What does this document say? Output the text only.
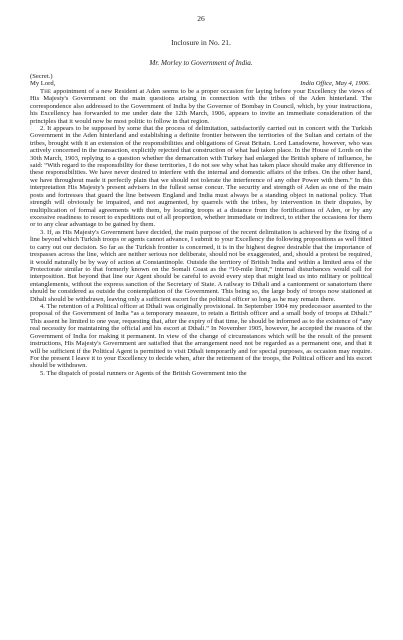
26
Inclosure in No. 21.
Mr. Morley to Government of India.
(Secret.)
My Lord,	India Office, May 4, 1906.

The appointment of a new Resident at Aden seems to be a proper occasion for laying before your Excellency the views of His Majesty's Government on the main questions arising in connection with the tribes of the Aden hinterland. The correspondence also addressed to the Government of India by the Governor of Bombay in Council, which, by your instructions, his Excellency has forwarded to me under date the 12th March, 1906, appears to invite an immediate consideration of the principles that it would now be most politic to follow in that region.

2. It appears to be supposed by some that the process of delimitation, satisfactorily carried out in concert with the Turkish Government in the Aden hinterland and establishing a definite frontier between the territories of the Sultan and certain of the tribes, brought with it an extension of the responsibilities and obligations of Great Britain. Lord Lansdowne, however, who was actively concerned in the transaction, explicitly rejected that construction of what had taken place. In the House of Lords on the 30th March, 1903, replying to a question whether the demarcation with Turkey had enlarged the British sphere of influence, he said: “With regard to the responsibility for these territories, I do not see why what has taken place should make any difference in these responsibilities. We have never desired to interfere with the internal and domestic affairs of the tribes. On the other hand, we have throughout made it perfectly plain that we should not tolerate the interference of any other Power with them.” In this interpretation His Majesty's present advisers in the fullest sense concur. The security and strength of Aden as one of the main posts and fortresses that guard the line between England and India must always be a standing object in national policy. That strength will obviously be impaired, and not augmented, by quarrels with the tribes, by intervention in their disputes, by multiplication of formal agreements with them, by locating troops at a distance from the fortifications of Aden, or by any excessive readiness to resort to expeditions out of all proportion, whether immediate or indirect, to either the occasions for them or to any clear advantage to be gained by them.

3. If, as His Majesty's Government have decided, the main purpose of the recent delimitation is achieved by the fixing of a line beyond which Turkish troops or agents cannot advance, I submit to your Excellency the following propositions as well fitted to carry out our decision. So far as the Turkish frontier is concerned, it is in the highest degree desirable that the importance of trespasses across the line, which are neither serious nor deliberate, should not be exaggerated, and, should a protest be required, it would naturally be by way of action at Constantinople. Outside the territory of British India and within a limited area of the Protectorate similar to that formerly known on the Somali Coast as the “10-mile limit,” internal disturbances would call for interposition. But beyond that line our Agent should be careful to avoid every step that might lead us into military or political entanglements, without the express sanction of the Secretary of State. A railway to Dthali and a cantonment or sanatorium there should be considered as outside the contemplation of the Government. This being so, the large body of troops now stationed at Dthali should be withdrawn, leaving only a sufficient escort for the political officer so long as he may remain there.

4. The retention of a Political officer at Dthali was originally provisional. In September 1904 my predecessor assented to the proposal of the Government of India “as a temporary measure, to retain a British officer and a small body of troops at Dthali.” This assent he limited to one year, requesting that, after the expiry of that time, he should be informed as to the existence of “any real necessity for maintaining the official and his escort at Dthali.” In November 1905, however, he accepted the reasons of the Government of India for making it permanent. In view of the change of circumstances which will be the result of the present instructions, His Majesty's Government are satisfied that the arrangement need not be regarded as a permanent one, and that it will be sufficient if the Political Agent is permitted to visit Dthali temporarily and for special purposes, as occasion may require. For the present I leave it to your Excellency to decide when, after the retirement of the troops, the Political officer and his escort should be withdrawn.

5. The dispatch of postal runners or Agents of the British Government into the
